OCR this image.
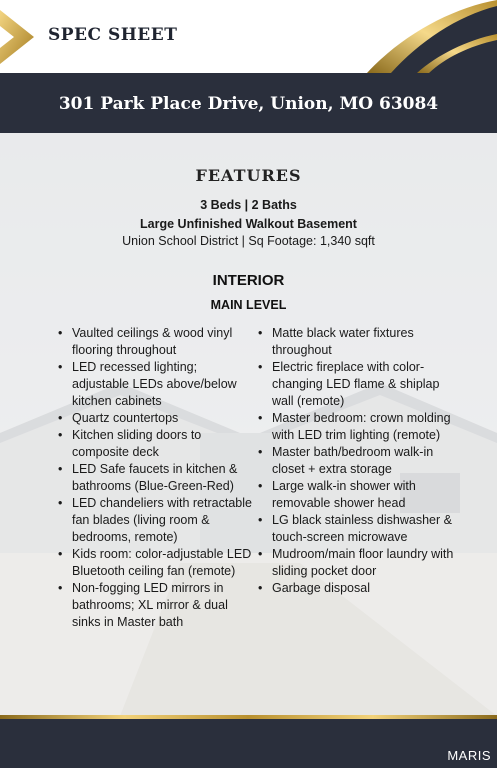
SPEC SHEET
301 Park Place Drive, Union, MO 63084
FEATURES
3 Beds | 2 Baths
Large Unfinished Walkout Basement
Union School District | Sq Footage: 1,340 sqft
INTERIOR
MAIN LEVEL
• Vaulted ceilings & wood vinyl flooring throughout
• LED recessed lighting; adjustable LEDs above/below kitchen cabinets
• Quartz countertops
• Kitchen sliding doors to composite deck
• LED Safe faucets in kitchen & bathrooms (Blue-Green-Red)
• LED chandeliers with retractable fan blades (living room & bedrooms, remote)
• Kids room: color-adjustable LED Bluetooth ceiling fan (remote)
• Non-fogging LED mirrors in bathrooms; XL mirror & dual sinks in Master bath
• Matte black water fixtures throughout
• Electric fireplace with color-changing LED flame & shiplap wall (remote)
• Master bedroom: crown molding with LED trim lighting (remote)
• Master bath/bedroom walk-in closet + extra storage
• Large walk-in shower with removable shower head
• LG black stainless dishwasher & touch-screen microwave
• Mudroom/main floor laundry with sliding pocket door
• Garbage disposal
MARIS
